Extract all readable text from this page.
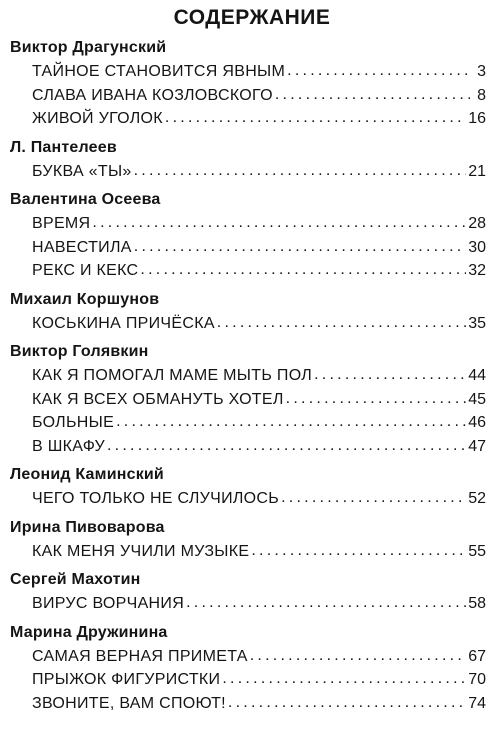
СОДЕРЖАНИЕ
Виктор Драгунский
ТАЙНОЕ СТАНОВИТСЯ ЯВНЫМ . . .	3
СЛАВА ИВАНА КОЗЛОВСКОГО . . .	8
ЖИВОЙ УГОЛОК . . .	16
Л. Пантелеев
БУКВА «ТЫ» . . .	21
Валентина Осеева
ВРЕМЯ . . .	28
НАВЕСТИЛА . . .	30
РЕКС И КЕКС . . .	32
Михаил Коршунов
КОСЬКИНА ПРИЧЁСКА . . .	35
Виктор Голявкин
КАК Я ПОМОГАЛ МАМЕ МЫТЬ ПОЛ . . .	44
КАК Я ВСЕХ ОБМАНУТЬ ХОТЕЛ . . .	45
БОЛЬНЫЕ . . .	46
В ШКАФУ . . .	47
Леонид Каминский
ЧЕГО ТОЛЬКО НЕ СЛУЧИЛОСЬ . . .	52
Ирина Пивоварова
КАК МЕНЯ УЧИЛИ МУЗЫКЕ . . .	55
Сергей Махотин
ВИРУС ВОРЧАНИЯ . . .	58
Марина Дружинина
САМАЯ ВЕРНАЯ ПРИМЕТА . . .	67
ПРЫЖОК ФИГУРИСТКИ . . .	70
ЗВОНИТЕ, ВАМ СПОЮТ! . . .	74
